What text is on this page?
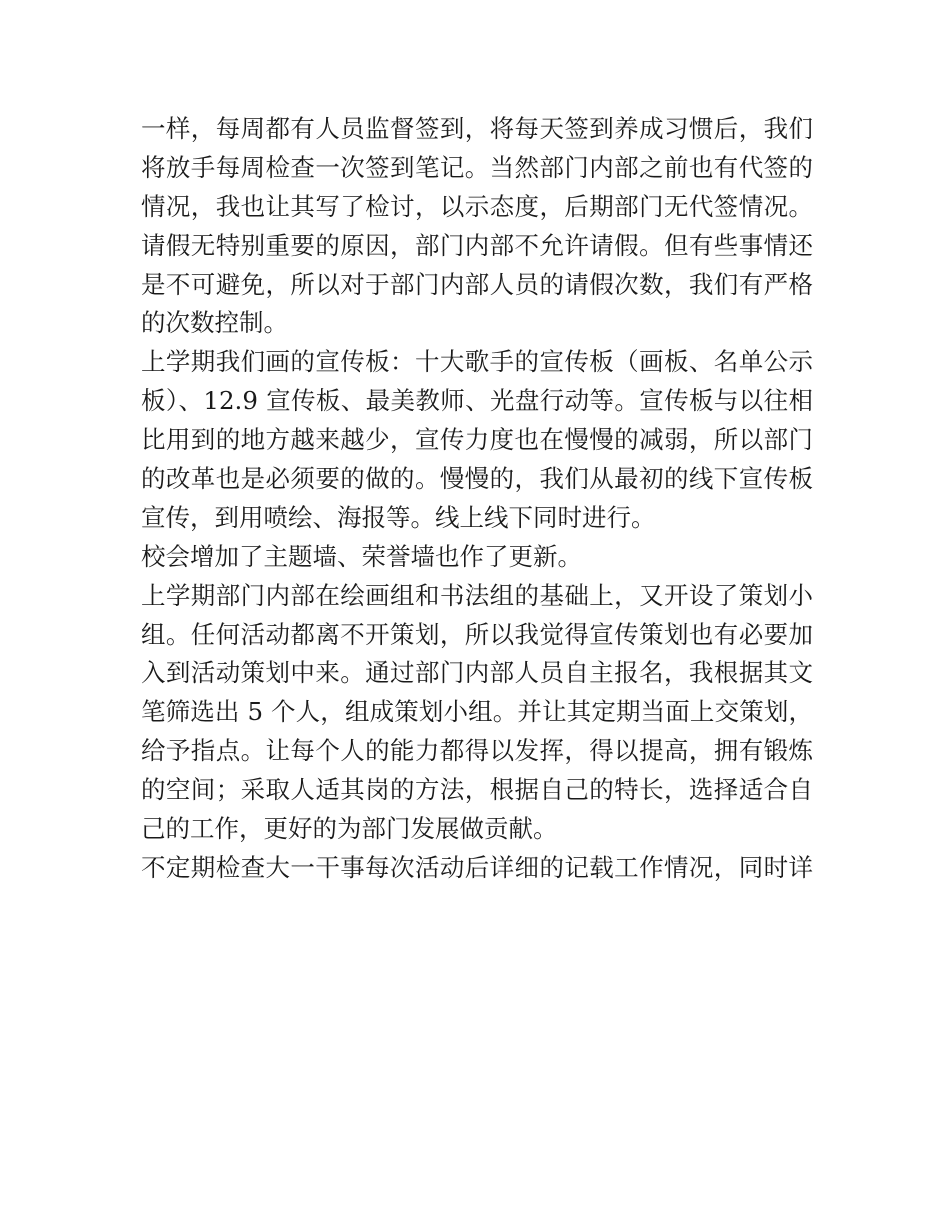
一样，每周都有人员监督签到，将每天签到养成习惯后，我们
将放手每周检查一次签到笔记。当然部门内部之前也有代签的
情况，我也让其写了检讨，以示态度，后期部门无代签情况。
请假无特别重要的原因，部门内部不允许请假。但有些事情还
是不可避免，所以对于部门内部人员的请假次数，我们有严格
的次数控制。
上学期我们画的宣传板：十大歌手的宣传板（画板、名单公示
板）、12.9 宣传板、最美教师、光盘行动等。宣传板与以往相
比用到的地方越来越少，宣传力度也在慢慢的减弱，所以部门
的改革也是必须要的做的。慢慢的，我们从最初的线下宣传板
宣传，到用喷绘、海报等。线上线下同时进行。
校会增加了主题墙、荣誉墙也作了更新。
上学期部门内部在绘画组和书法组的基础上，又开设了策划小
组。任何活动都离不开策划，所以我觉得宣传策划也有必要加
入到活动策划中来。通过部门内部人员自主报名，我根据其文
笔筛选出 5 个人，组成策划小组。并让其定期当面上交策划，
给予指点。让每个人的能力都得以发挥，得以提高，拥有锻炼
的空间；采取人适其岗的方法，根据自己的特长，选择适合自
己的工作，更好的为部门发展做贡献。
不定期检查大一干事每次活动后详细的记载工作情况，同时详
